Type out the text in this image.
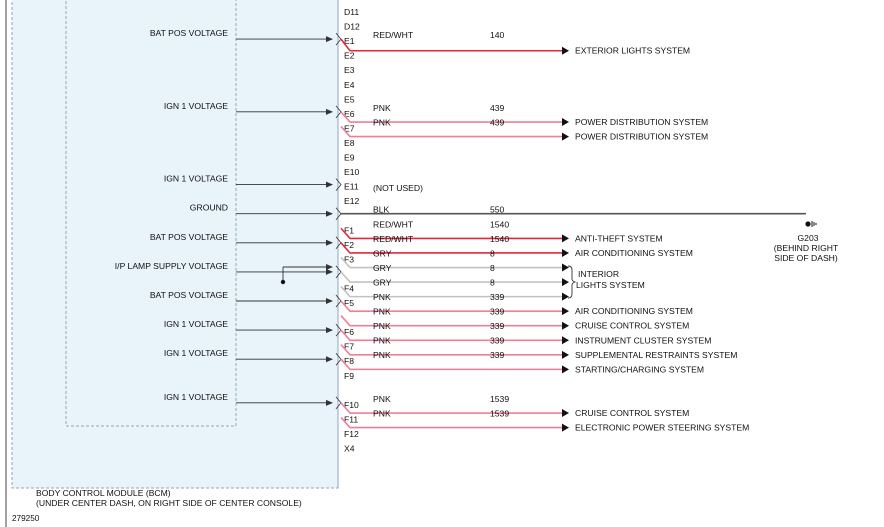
BAT POS VOLTAGE
IGN 1 VOLTAGE
IGN 1 VOLTAGE
GROUND
BAT POS VOLTAGE
I/P LAMP SUPPLY VOLTAGE
BAT POS VOLTAGE
IGN 1 VOLTAGE
IGN 1 VOLTAGE
IGN 1 VOLTAGE
D11
D12
E1
E2
E3
E4
E5
E6
E7
E8
E9
E10
E11
E12
F1
F2
F3
F4
F5
F6
F7
F8
F9
F10
F11
F12
X4
RED/WHT	140
EXTERIOR LIGHTS SYSTEM
PNK	439
POWER DISTRIBUTION SYSTEM
PNK	439
POWER DISTRIBUTION SYSTEM
BLK	550
RED/WHT	1540
ANTI-THEFT SYSTEM
RED/WHT	1540
AIR CONDITIONING SYSTEM
GRY	8
GRY	8
GRY	8
PNK	339
AIR CONDITIONING SYSTEM
PNK	339
CRUISE CONTROL SYSTEM
PNK	339
INSTRUMENT CLUSTER SYSTEM
PNK	339
SUPPLEMENTAL RESTRAINTS SYSTEM
PNK	339
STARTING/CHARGING SYSTEM
PNK	1539
CRUISE CONTROL SYSTEM
PNK	1539
ELECTRONIC POWER STEERING SYSTEM
(NOT USED)
INTERIOR
LIGHTS SYSTEM
G203
(BEHIND RIGHT
SIDE OF DASH)
BODY CONTROL MODULE (BCM)
(UNDER CENTER DASH, ON RIGHT SIDE OF CENTER CONSOLE)
279250
